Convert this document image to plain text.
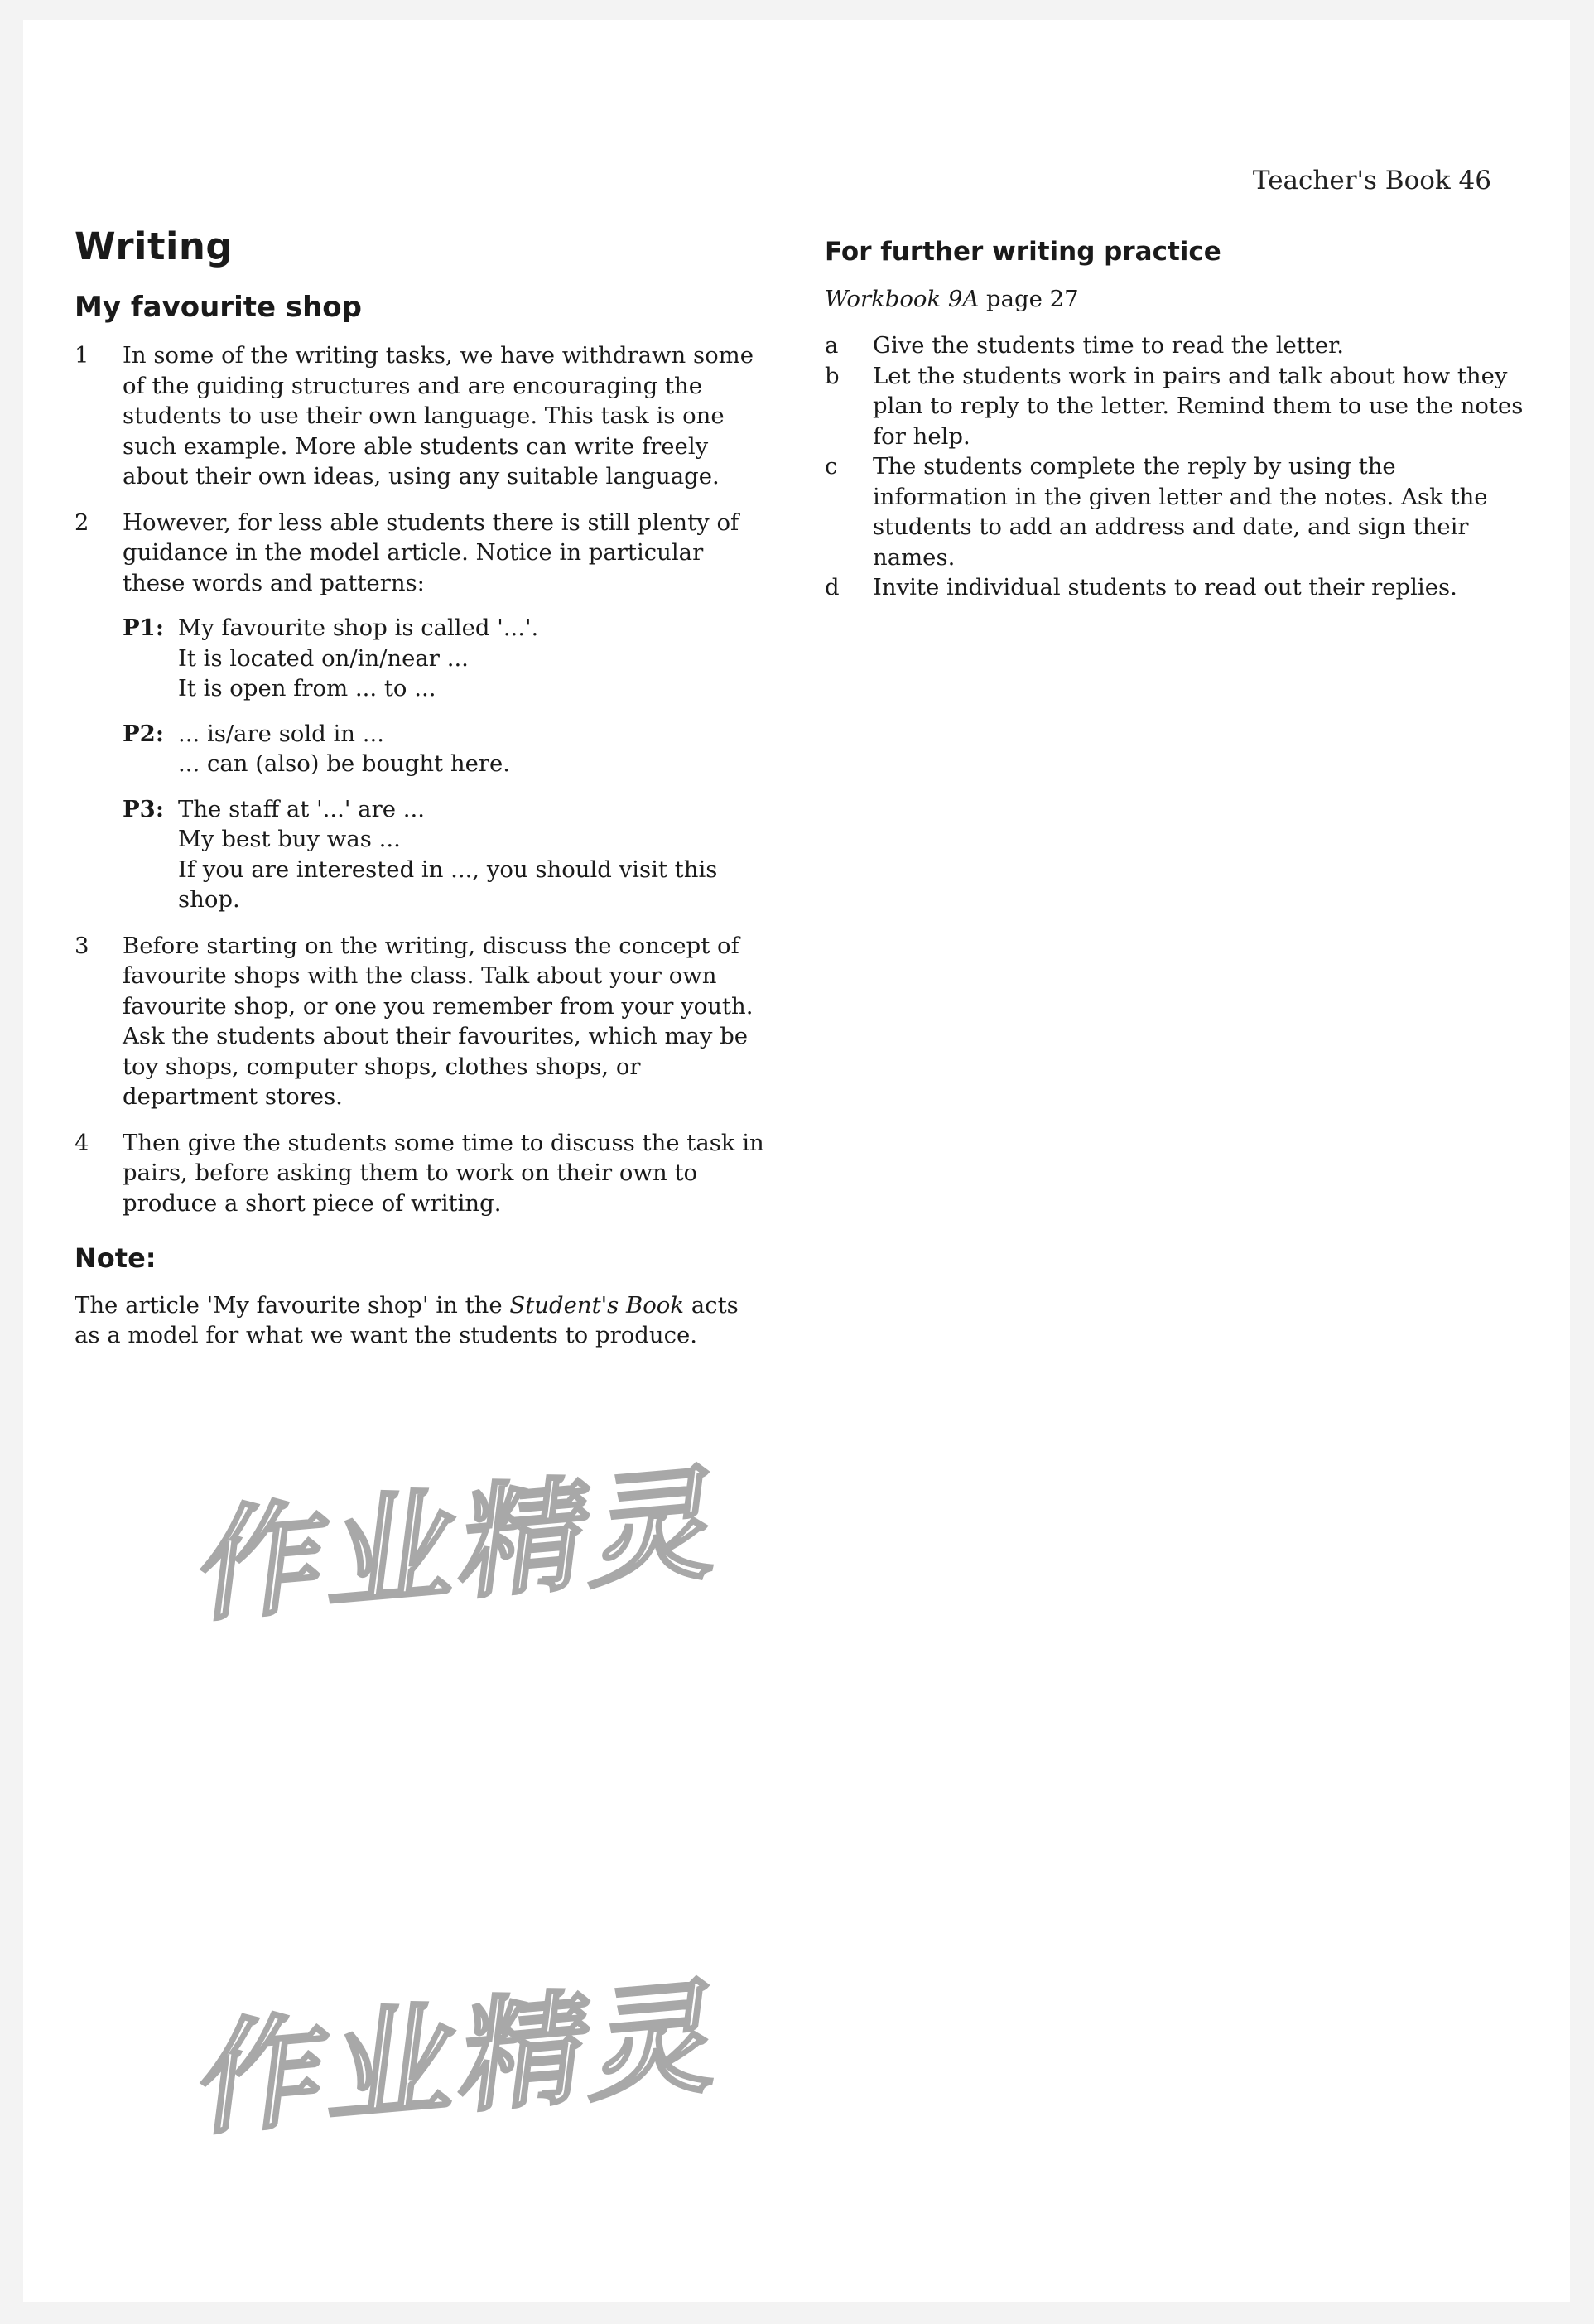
Teacher's Book 46
Writing
My favourite shop
1 In some of the writing tasks, we have withdrawn some of the guiding structures and are encouraging the students to use their own language. This task is one such example. More able students can write freely about their own ideas, using any suitable language.
2 However, for less able students there is still plenty of guidance in the model article. Notice in particular these words and patterns:
P1: My favourite shop is called '...'.
It is located on/in/near ...
It is open from ... to ...
P2: ... is/are sold in ...
... can (also) be bought here.
P3: The staff at '...' are ...
My best buy was ...
If you are interested in ..., you should visit this shop.
3 Before starting on the writing, discuss the concept of favourite shops with the class. Talk about your own favourite shop, or one you remember from your youth. Ask the students about their favourites, which may be toy shops, computer shops, clothes shops, or department stores.
4 Then give the students some time to discuss the task in pairs, before asking them to work on their own to produce a short piece of writing.
Note:
The article 'My favourite shop' in the Student's Book acts as a model for what we want the students to produce.
For further writing practice
Workbook 9A page 27
a Give the students time to read the letter.
b Let the students work in pairs and talk about how they plan to reply to the letter. Remind them to use the notes for help.
c The students complete the reply by using the information in the given letter and the notes. Ask the students to add an address and date, and sign their names.
d Invite individual students to read out their replies.
作业精灵
作业精灵
